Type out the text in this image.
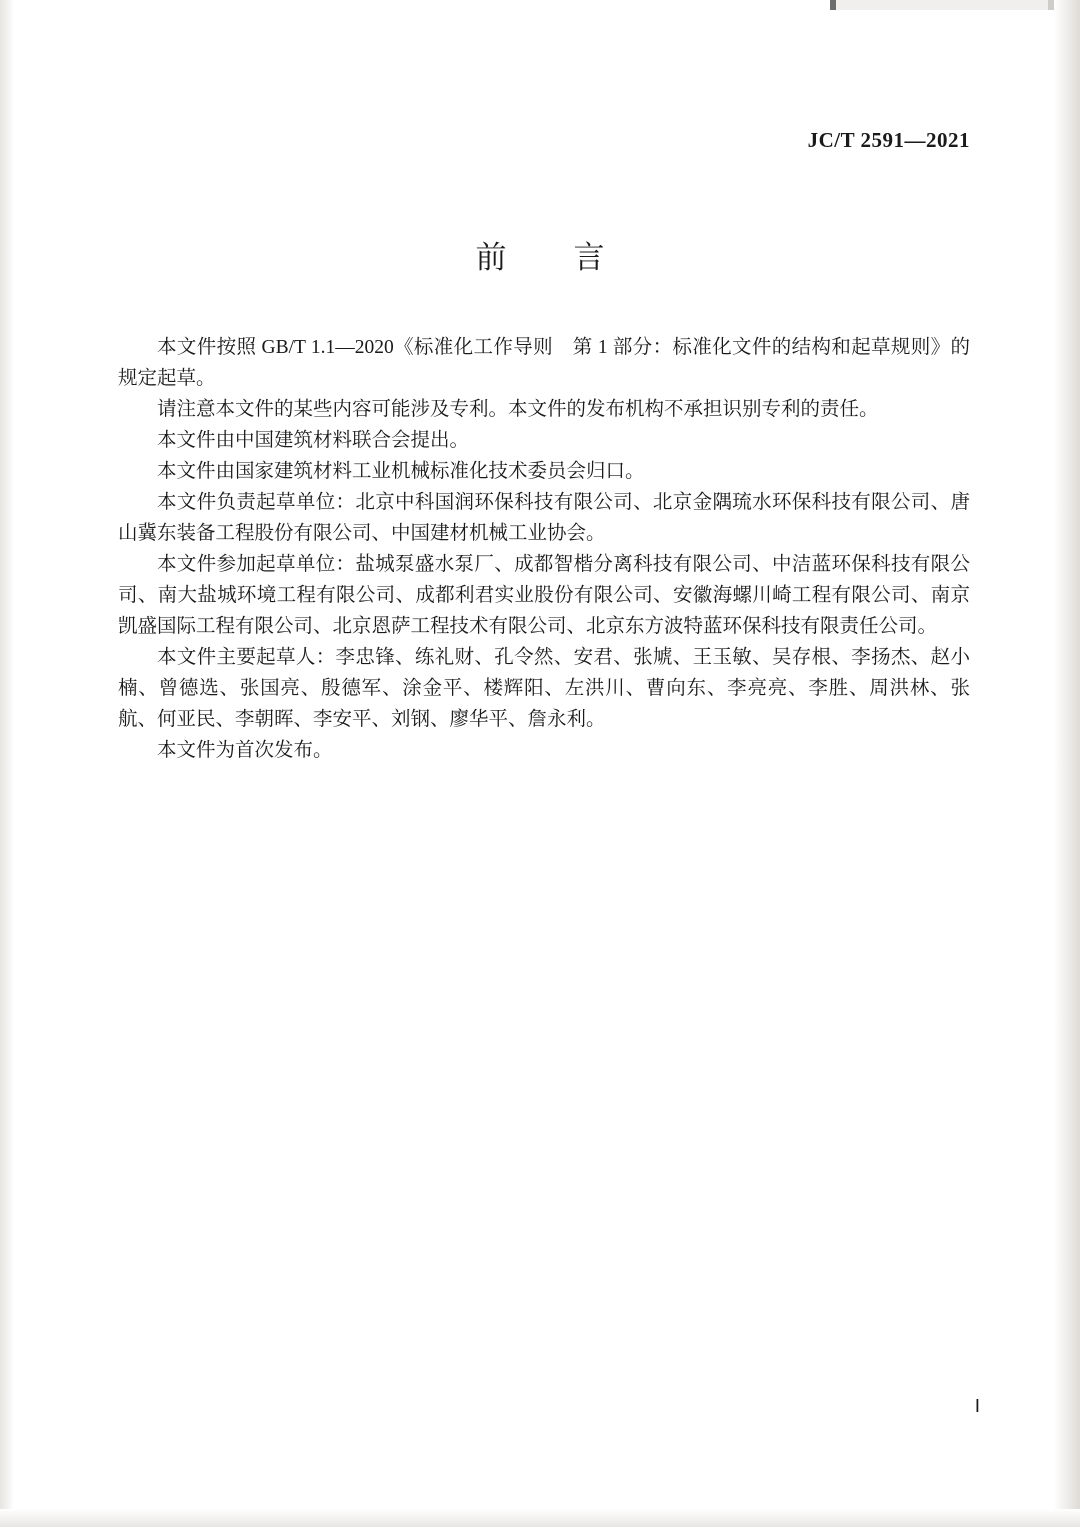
JC/T 2591—2021
前　言

本文件按照 GB/T 1.1—2020《标准化工作导则　第 1 部分：标准化文件的结构和起草规则》的规定起草。

请注意本文件的某些内容可能涉及专利。本文件的发布机构不承担识别专利的责任。

本文件由中国建筑材料联合会提出。

本文件由国家建筑材料工业机械标准化技术委员会归口。

本文件负责起草单位：北京中科国润环保科技有限公司、北京金隅琉水环保科技有限公司、唐山冀东装备工程股份有限公司、中国建材机械工业协会。

本文件参加起草单位：盐城泵盛水泵厂、成都智楷分离科技有限公司、中洁蓝环保科技有限公司、南大盐城环境工程有限公司、成都利君实业股份有限公司、安徽海螺川崎工程有限公司、南京凯盛国际工程有限公司、北京恩萨工程技术有限公司、北京东方波特蓝环保科技有限责任公司。

本文件主要起草人：李忠锋、练礼财、孔令然、安君、张虓、王玉敏、吴存根、李扬杰、赵小楠、曾德选、张国亮、殷德军、涂金平、楼辉阳、左洪川、曹向东、李亮亮、李胜、周洪林、张航、何亚民、李朝晖、李安平、刘钢、廖华平、詹永利。

本文件为首次发布。

Ⅰ
